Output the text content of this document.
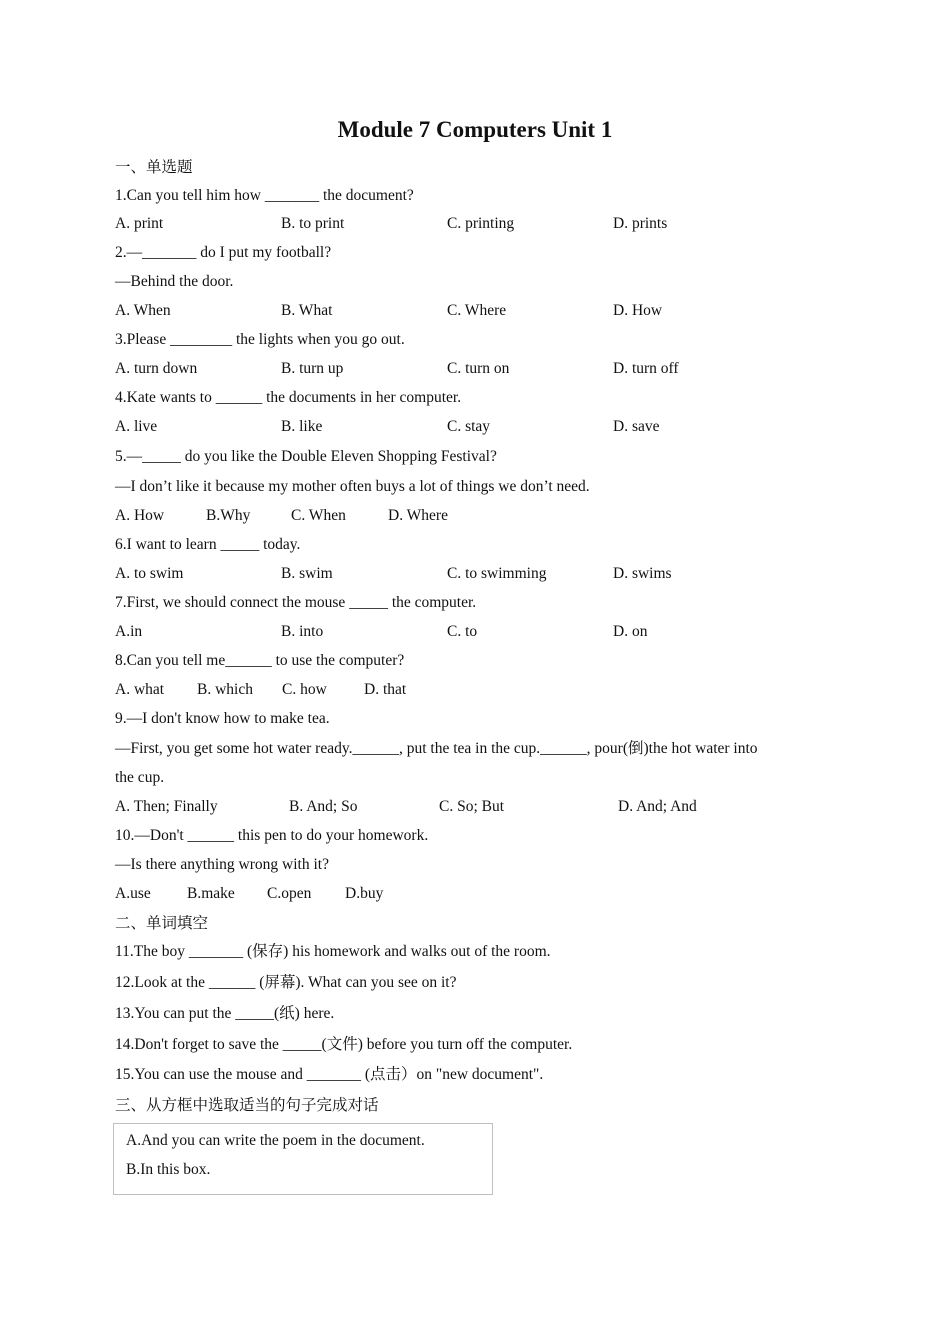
Module 7 Computers Unit 1
一、单选题
1.Can you tell him how _______ the document?
A. print	B. to print	C. printing	D. prints
2.—_______ do I put my football?
—Behind the door.
A. When	B. What	C. Where	D. How
3.Please ________ the lights when you go out.
A. turn down	B. turn up	C. turn on	D. turn off
4.Kate wants to ______ the documents in her computer.
A. live	B. like	C. stay	D. save
5.—_____ do you like the Double Eleven Shopping Festival?
—I don’t like it because my mother often buys a lot of things we don’t need.
A. How	B.Why	C. When	D. Where
6.I want to learn _____ today.
A. to swim	B. swim	C. to swimming	D. swims
7.First, we should connect the mouse _____ the computer.
A.in	B. into	C. to	D. on
8.Can you tell me______ to use the computer?
A. what B. which C. how D. that
9.—I don't know how to make tea.
—First, you get some hot water ready.______, put the tea in the cup.______, pour(倒)the hot water into
the cup.
A. Then; Finally	B. And; So	C. So; But	D. And; And
10.—Don't ______ this pen to do your homework.
—Is there anything wrong with it?
A.use B.make C.open D.buy
二、单词填空
11.The boy _______ (保存) his homework and walks out of the room.
12.Look at the ______ (屏幕). What can you see on it?
13.You can put the _____(纸) here.
14.Don't forget to save the _____(文件) before you turn off the computer.
15.You can use the mouse and _______ (点击）on "new document".
三、从方框中选取适当的句子完成对话
A.And you can write the poem in the document.
B.In this box.
